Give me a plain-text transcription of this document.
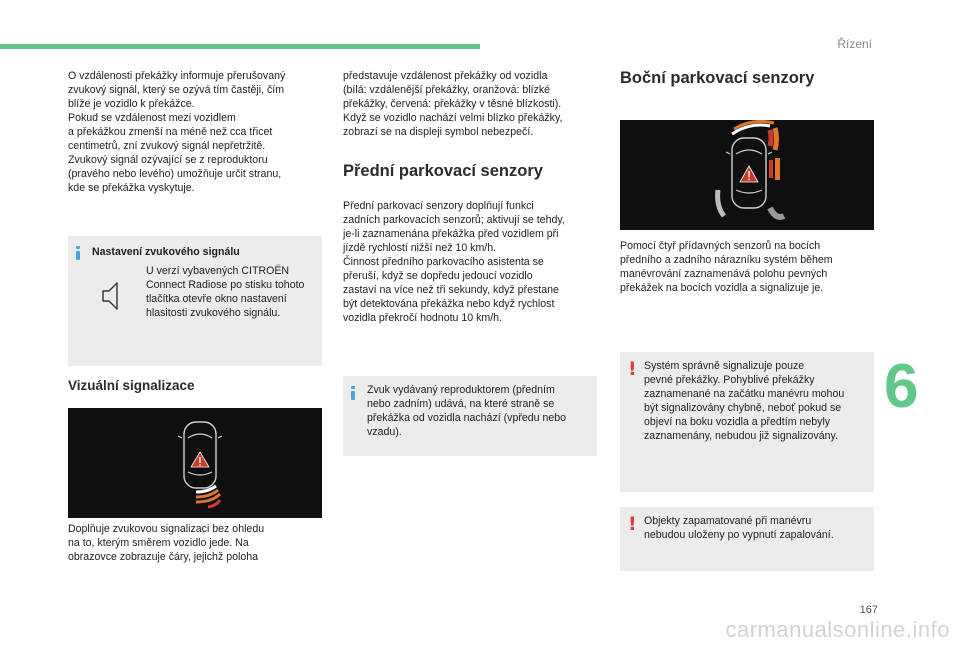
Řízení
O vzdálenosti překážky informuje přerušovaný
zvukový signál, který se ozývá tím častěji, čím
blíže je vozidlo k překážce.
Pokud se vzdálenost mezi vozidlem
a překážkou zmenší na méně než cca třicet
centimetrů, zní zvukový signál nepřetržitě.
Zvukový signál ozývající se z reproduktoru
(pravého nebo levého) umožňuje určit stranu,
kde se překážka vyskytuje.
Nastavení zvukového signálu
U verzí vybavených CITROËN
Connect Radiose po stisku tohoto
tlačítka otevře okno nastavení
hlasitosti zvukového signálu.
Vizuální signalizace
Doplňuje zvukovou signalizaci bez ohledu
na to, kterým směrem vozidlo jede. Na
obrazovce zobrazuje čáry, jejichž poloha
představuje vzdálenost překážky od vozidla
(bílá: vzdálenější překážky, oranžová: blízké
překážky, červená: překážky v těsné blízkosti).
Když se vozidlo nachází velmi blízko překážky,
zobrazí se na displeji symbol nebezpečí.
Přední parkovací senzory
Přední parkovací senzory doplňují funkci
zadních parkovacích senzorů; aktivují se tehdy,
je-li zaznamenána překážka před vozidlem při
jízdě rychlostí nižší než 10 km/h.
Činnost předního parkovacího asistenta se
přeruší, když se dopředu jedoucí vozidlo
zastaví na více než tři sekundy, když přestane
být detektována překážka nebo když rychlost
vozidla překročí hodnotu 10 km/h.
Zvuk vydávaný reproduktorem (předním
nebo zadním) udává, na které straně se
překážka od vozidla nachází (vpředu nebo
vzadu).
Boční parkovací senzory
Pomocí čtyř přídavných senzorů na bocích
předního a zadního nárazníku systém během
manévrování zaznamenává polohu pevných
překážek na bocích vozidla a signalizuje je.
! Systém správně signalizuje pouze
pevné překážky. Pohyblivé překážky
zaznamenané na začátku manévru mohou
být signalizovány chybně, neboť pokud se
objeví na boku vozidla a předtím nebyly
zaznamenány, nebudou již signalizovány.
! Objekty zapamatované při manévru
nebudou uloženy po vypnutí zapalování.
6
167
carmanualsonline.info
